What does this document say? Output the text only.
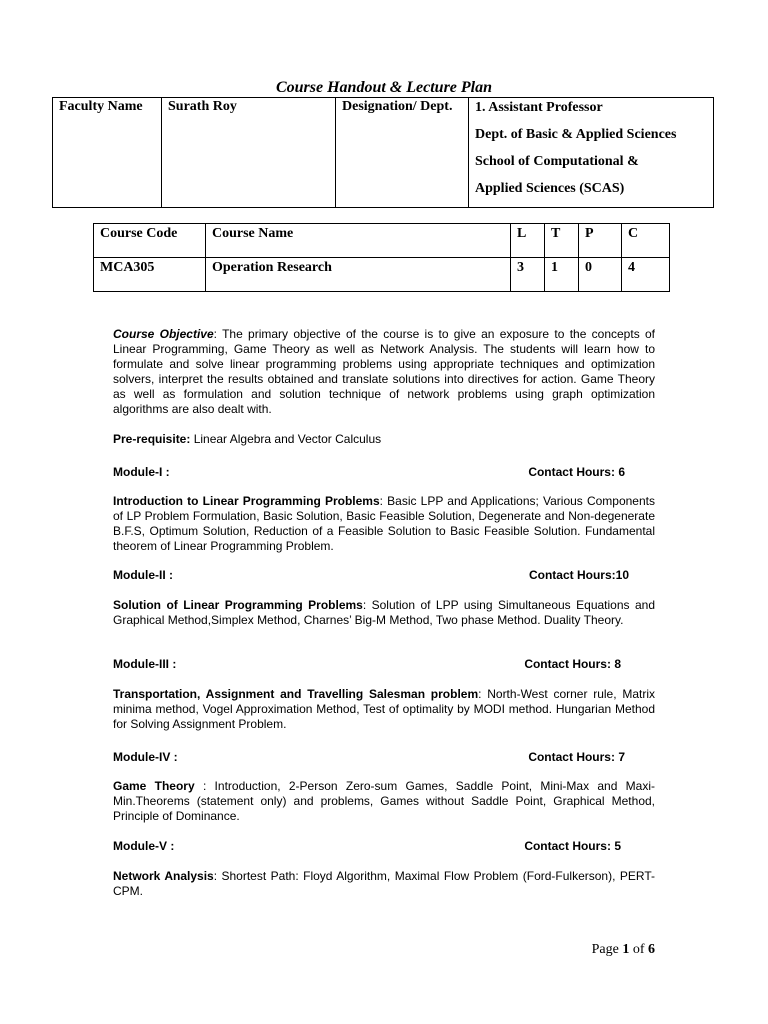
Course Handout & Lecture Plan
Faculty Name	Surath Roy	Designation/ Dept.	1. Assistant Professor
Dept. of Basic & Applied Sciences
School of Computational &
Applied Sciences (SCAS)
Course Code	Course Name	L	T	P	C
MCA305	Operation Research	3	1	0	4
Course Objective: The primary objective of the course is to give an exposure to the concepts of Linear Programming, Game Theory as well as Network Analysis. The students will learn how to formulate and solve linear programming problems using appropriate techniques and optimization solvers, interpret the results obtained and translate solutions into directives for action. Game Theory as well as formulation and solution technique of network problems using graph optimization algorithms are also dealt with.
Pre-requisite: Linear Algebra and Vector Calculus
Module-I :	Contact Hours: 6
Introduction to Linear Programming Problems: Basic LPP and Applications; Various Components of LP Problem Formulation, Basic Solution, Basic Feasible Solution, Degenerate and Non-degenerate B.F.S, Optimum Solution, Reduction of a Feasible Solution to Basic Feasible Solution. Fundamental theorem of Linear Programming Problem.
Module-II :	Contact Hours:10
Solution of Linear Programming Problems: Solution of LPP using Simultaneous Equations and Graphical Method,Simplex Method, Charnes’ Big-M Method, Two phase Method. Duality Theory.
Module-III :	Contact Hours: 8
Transportation, Assignment and Travelling Salesman problem: North-West corner rule, Matrix minima method, Vogel Approximation Method, Test of optimality by MODI method. Hungarian Method for Solving Assignment Problem.
Module-IV :	Contact Hours: 7
Game Theory : Introduction, 2-Person Zero-sum Games, Saddle Point, Mini-Max and Maxi-Min.Theorems (statement only) and problems, Games without Saddle Point, Graphical Method, Principle of Dominance.
Module-V :	Contact Hours: 5
Network Analysis: Shortest Path: Floyd Algorithm, Maximal Flow Problem (Ford-Fulkerson), PERT-CPM.
Page 1 of 6
